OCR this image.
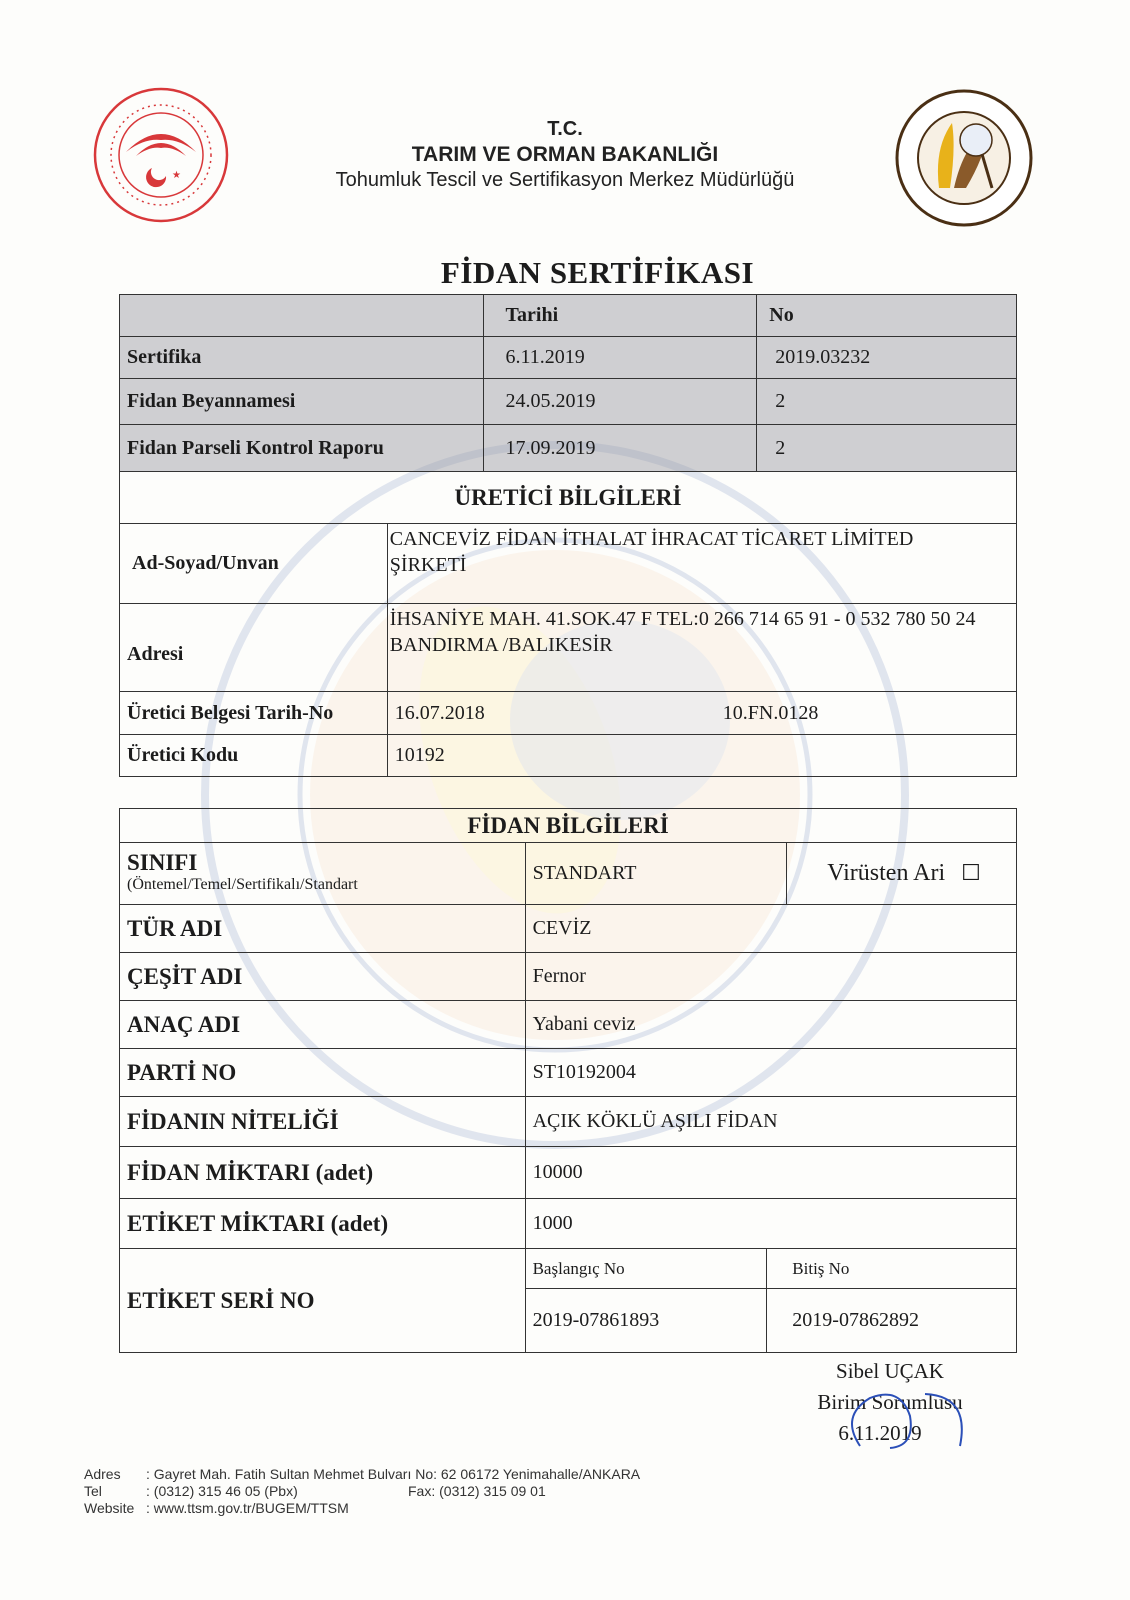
★
T.C.
TARIM VE ORMAN BAKANLIĞI
Tohumluk Tescil ve Sertifikasyon Merkez Müdürlüğü
FİDAN SERTİFİKASI
	Tarihi	No
Sertifika	6.11.2019	2019.03232
Fidan Beyannamesi	24.05.2019	2
Fidan Parseli Kontrol Raporu	17.09.2019	2
ÜRETİCİ BİLGİLERİ		
Ad-Soyad/Unvan	CANCEVİZ FİDAN İTHALAT İHRACAT TİCARET LİMİTED
ŞİRKETİ

Adresi	İHSANİYE MAH. 41.SOK.47 F TEL:0 266 714 65 91 - 0 532 780 50 24
BANDIRMA /BALIKESİR

Üretici Belgesi Tarih-No	16.07.2018 10.FN.0128

Üretici Kodu	10192
FİDAN BİLGİLERİ			

SINIFI
(Öntemel/Temel/Sertifikalı/Standart	STANDART		Virüsten Ari ☐
TÜR ADI	CEVİZ		
ÇEŞİT ADI	Fernor		
ANAÇ ADI	Yabani ceviz		
PARTİ NO	ST10192004		
FİDANIN NİTELİĞİ	AÇIK KÖKLÜ AŞILI FİDAN		
FİDAN MİKTARI (adet)	10000		
ETİKET MİKTARI (adet)	1000		
ETİKET SERİ NO	Başlangıç No	Bitiş No	
	2019-07861893	2019-07862892	
Sibel UÇAK
Birim Sorumlusu
6.11.2019
Adres : Gayret Mah. Fatih Sultan Mehmet Bulvarı No: 62 06172 Yenimahalle/ANKARA
Tel	: (0312) 315 46 05 (Pbx)	Fax: (0312) 315 09 01
Website : www.ttsm.gov.tr/BUGEM/TTSM
